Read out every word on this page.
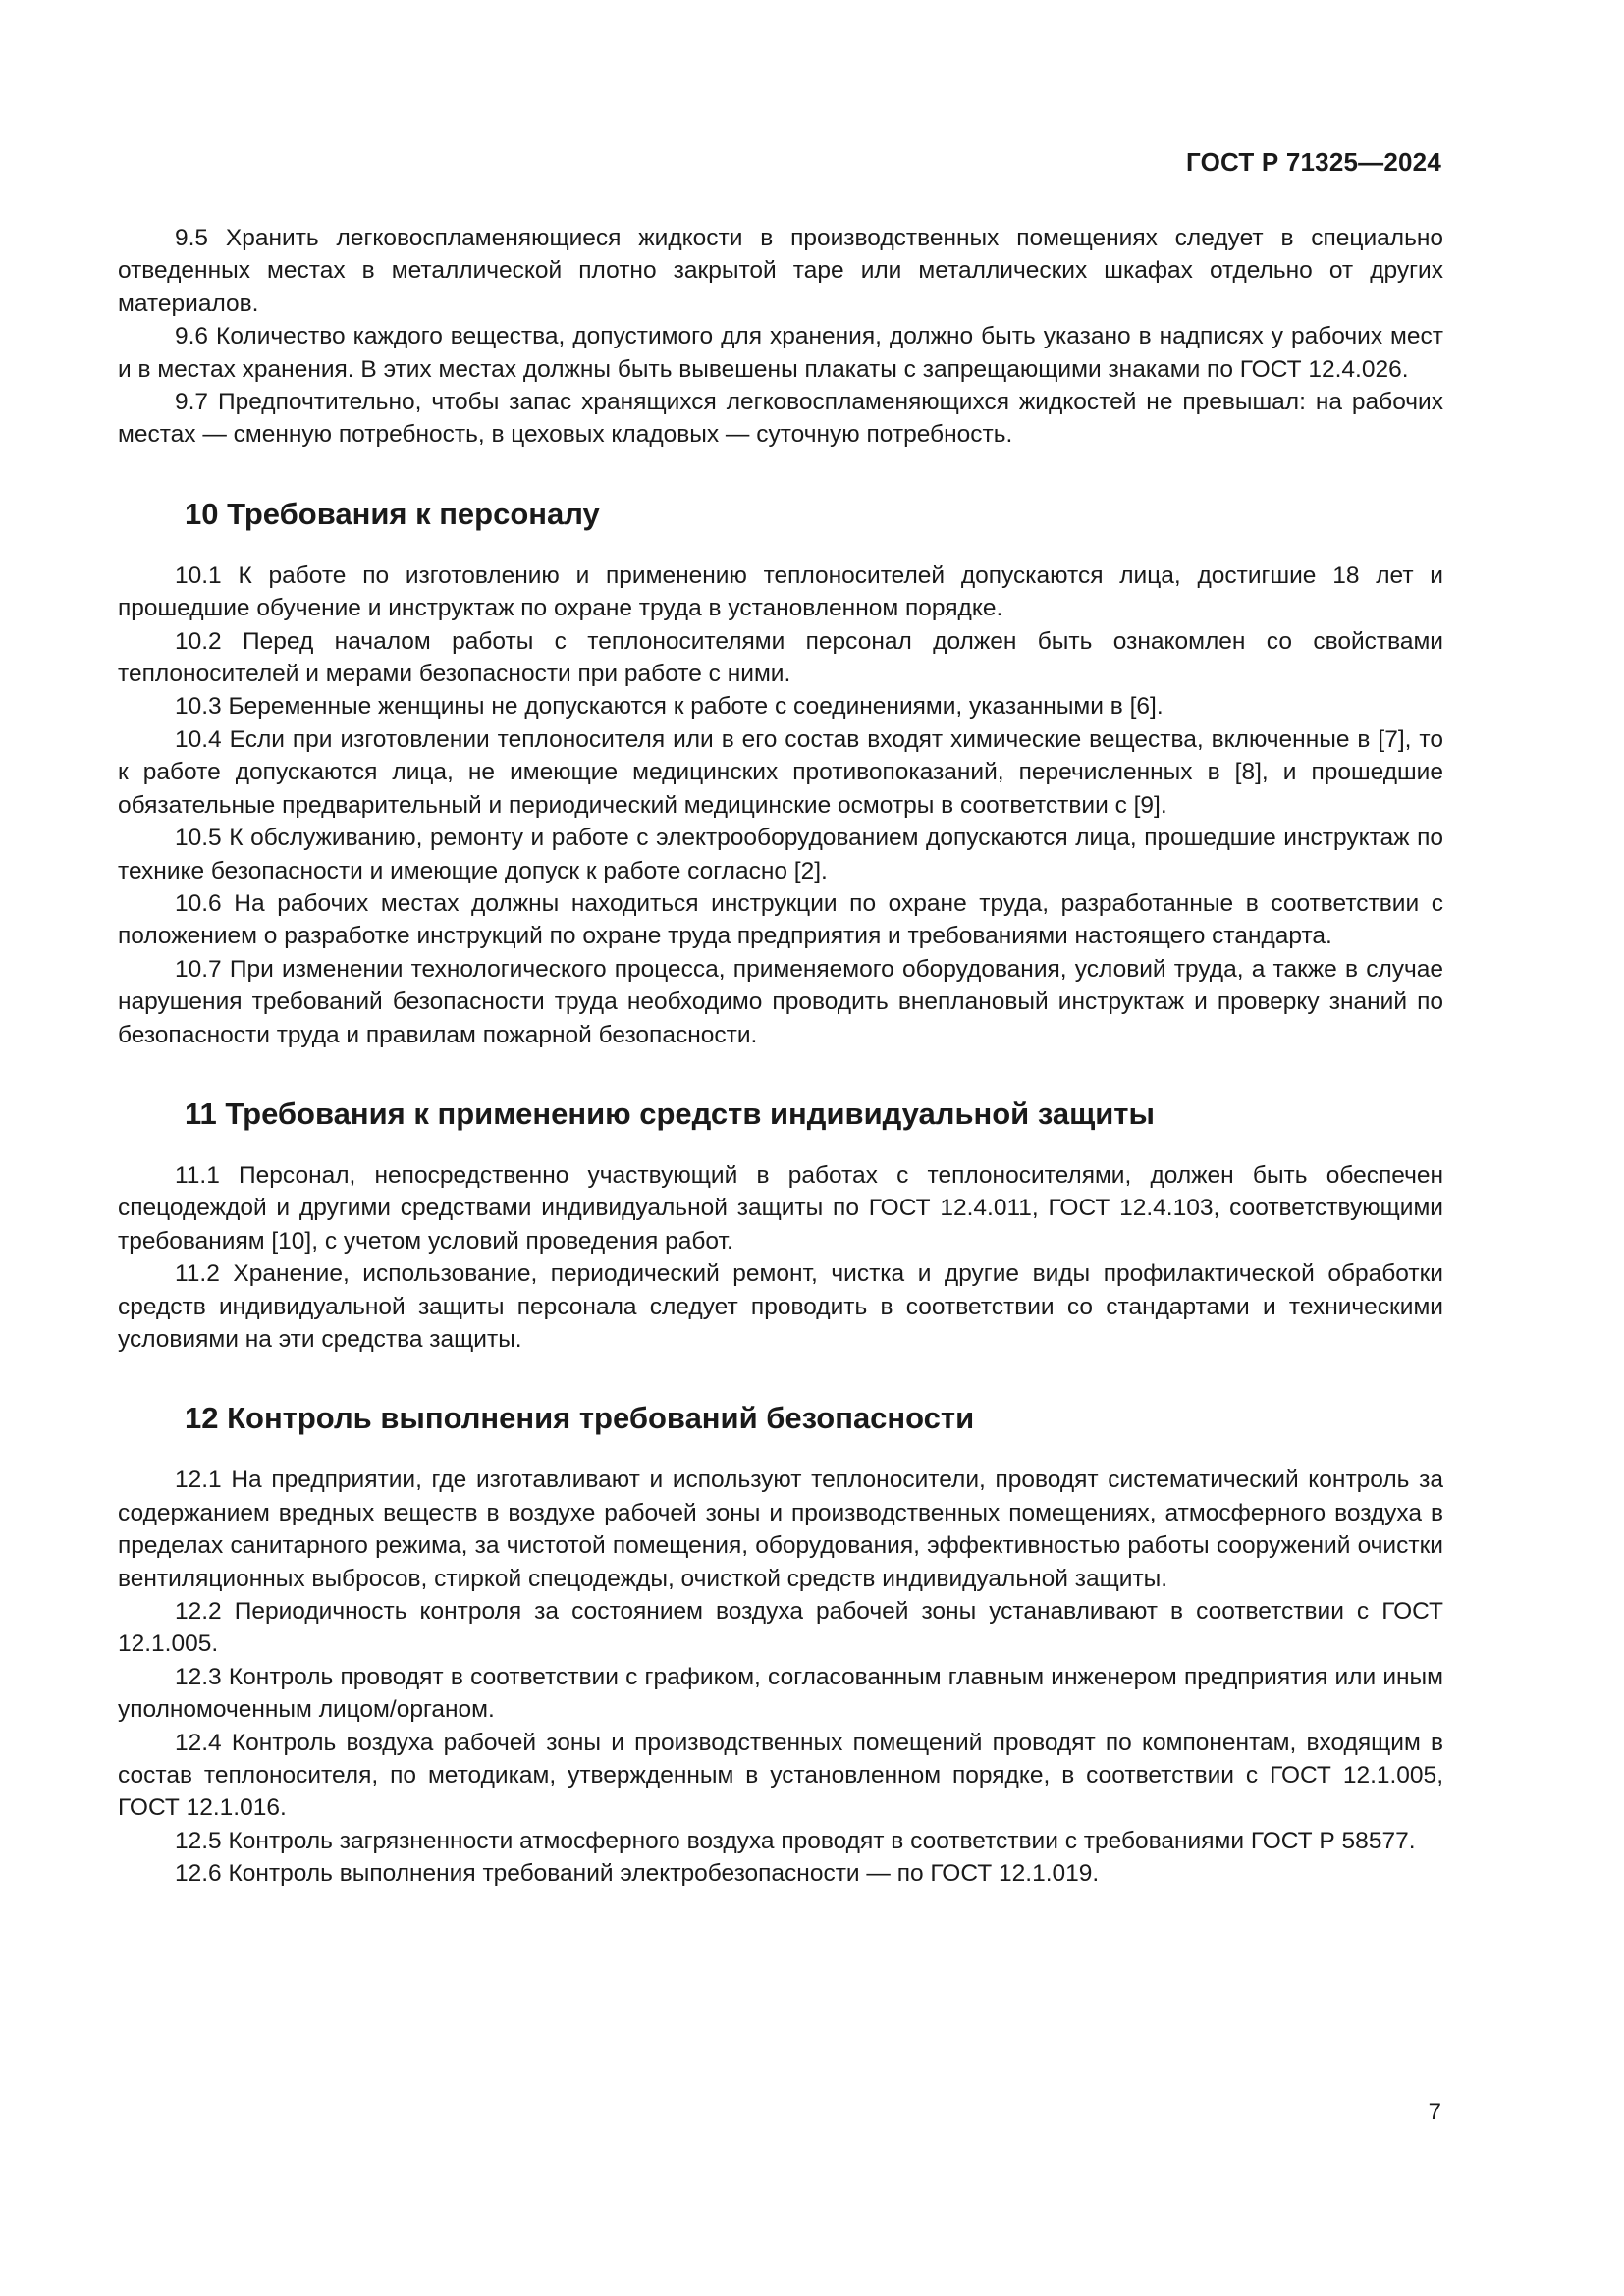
ГОСТ Р 71325—2024

9.5 Хранить легковоспламеняющиеся жидкости в производственных помещениях следует в специально отведенных местах в металлической плотно закрытой таре или металлических шкафах отдельно от других материалов.

9.6 Количество каждого вещества, допустимого для хранения, должно быть указано в надписях у рабочих мест и в местах хранения. В этих местах должны быть вывешены плакаты с запрещающими знаками по ГОСТ 12.4.026.

9.7 Предпочтительно, чтобы запас хранящихся легковоспламеняющихся жидкостей не превышал: на рабочих местах — сменную потребность, в цеховых кладовых — суточную потребность.

10 Требования к персоналу

10.1 К работе по изготовлению и применению теплоносителей допускаются лица, достигшие 18 лет и прошедшие обучение и инструктаж по охране труда в установленном порядке.

10.2 Перед началом работы с теплоносителями персонал должен быть ознакомлен со свойствами теплоносителей и мерами безопасности при работе с ними.

10.3 Беременные женщины не допускаются к работе с соединениями, указанными в [6].

10.4 Если при изготовлении теплоносителя или в его состав входят химические вещества, включенные в [7], то к работе допускаются лица, не имеющие медицинских противопоказаний, перечисленных в [8], и прошедшие обязательные предварительный и периодический медицинские осмотры в соответствии с [9].

10.5 К обслуживанию, ремонту и работе с электрооборудованием допускаются лица, прошедшие инструктаж по технике безопасности и имеющие допуск к работе согласно [2].

10.6 На рабочих местах должны находиться инструкции по охране труда, разработанные в соответствии с положением о разработке инструкций по охране труда предприятия и требованиями настоящего стандарта.

10.7 При изменении технологического процесса, применяемого оборудования, условий труда, а также в случае нарушения требований безопасности труда необходимо проводить внеплановый инструктаж и проверку знаний по безопасности труда и правилам пожарной безопасности.

11 Требования к применению средств индивидуальной защиты

11.1 Персонал, непосредственно участвующий в работах с теплоносителями, должен быть обеспечен спецодеждой и другими средствами индивидуальной защиты по ГОСТ 12.4.011, ГОСТ 12.4.103, соответствующими требованиям [10], с учетом условий проведения работ.

11.2 Хранение, использование, периодический ремонт, чистка и другие виды профилактической обработки средств индивидуальной защиты персонала следует проводить в соответствии со стандартами и техническими условиями на эти средства защиты.

12 Контроль выполнения требований безопасности

12.1 На предприятии, где изготавливают и используют теплоносители, проводят систематический контроль за содержанием вредных веществ в воздухе рабочей зоны и производственных помещениях, атмосферного воздуха в пределах санитарного режима, за чистотой помещения, оборудования, эффективностью работы сооружений очистки вентиляционных выбросов, стиркой спецодежды, очисткой средств индивидуальной защиты.

12.2 Периодичность контроля за состоянием воздуха рабочей зоны устанавливают в соответствии с ГОСТ 12.1.005.

12.3 Контроль проводят в соответствии с графиком, согласованным главным инженером предприятия или иным уполномоченным лицом/органом.

12.4 Контроль воздуха рабочей зоны и производственных помещений проводят по компонентам, входящим в состав теплоносителя, по методикам, утвержденным в установленном порядке, в соответствии с ГОСТ 12.1.005, ГОСТ 12.1.016.

12.5 Контроль загрязненности атмосферного воздуха проводят в соответствии с требованиями ГОСТ Р 58577.

12.6 Контроль выполнения требований электробезопасности — по ГОСТ 12.1.019.

7
